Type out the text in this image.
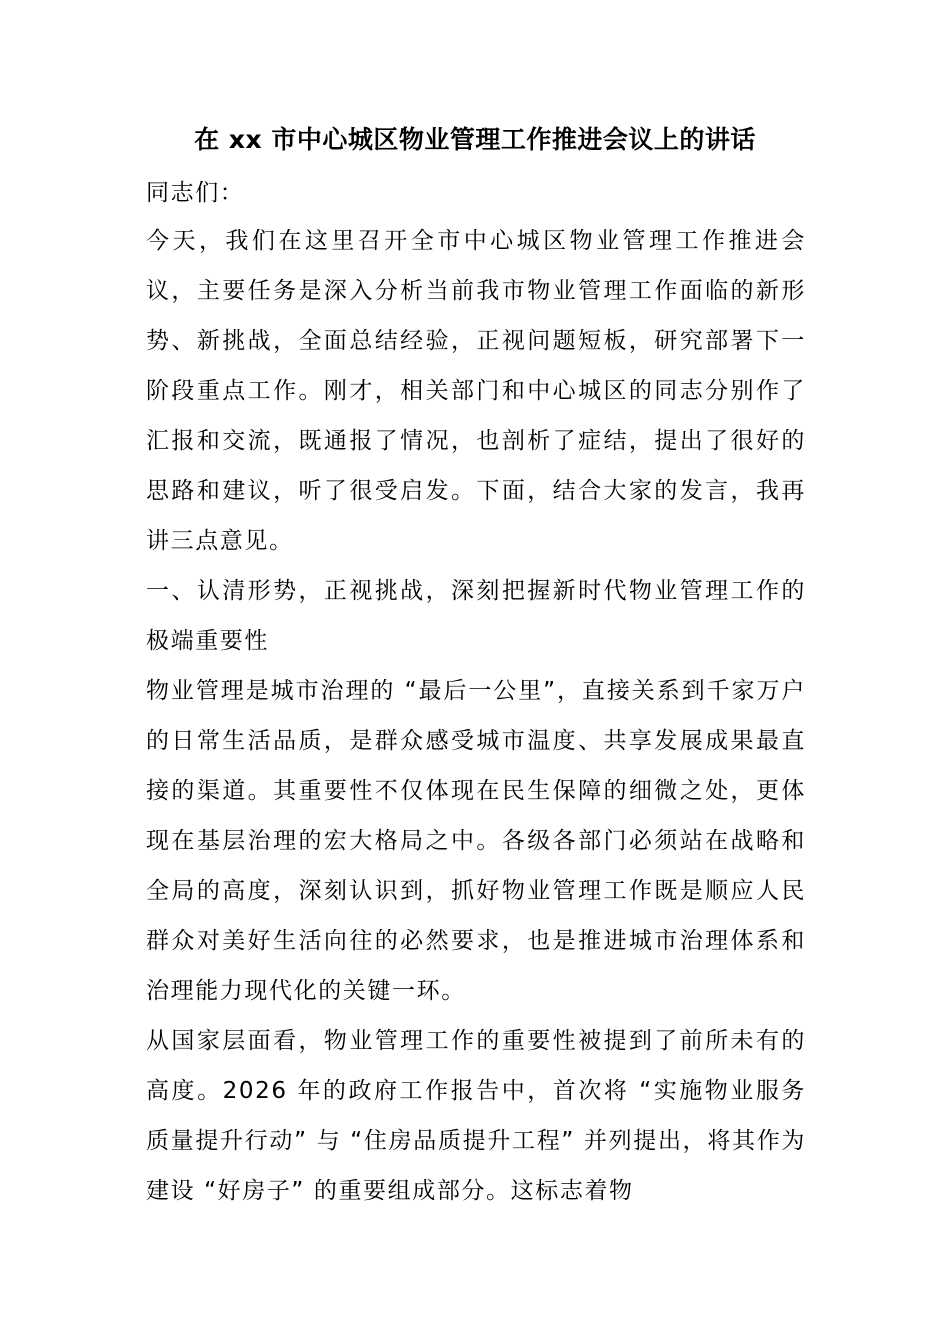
在 xx 市中心城区物业管理工作推进会议上的讲话

同志们：

今天，我们在这里召开全市中心城区物业管理工作推进会议，主要任务是深入分析当前我市物业管理工作面临的新形势、新挑战，全面总结经验，正视问题短板，研究部署下一阶段重点工作。刚才，相关部门和中心城区的同志分别作了汇报和交流，既通报了情况，也剖析了症结，提出了很好的思路和建议，听了很受启发。下面，结合大家的发言，我再讲三点意见。

一、认清形势，正视挑战，深刻把握新时代物业管理工作的极端重要性

物业管理是城市治理的 “最后一公里”，直接关系到千家万户的日常生活品质，是群众感受城市温度、共享发展成果最直接的渠道。其重要性不仅体现在民生保障的细微之处，更体现在基层治理的宏大格局之中。各级各部门必须站在战略和全局的高度，深刻认识到，抓好物业管理工作既是顺应人民群众对美好生活向往的必然要求，也是推进城市治理体系和治理能力现代化的关键一环。

从国家层面看，物业管理工作的重要性被提到了前所未有的高度。2026 年的政府工作报告中，首次将 “实施物业服务质量提升行动” 与 “住房品质提升工程” 并列提出，将其作为建设 “好房子” 的重要组成部分。这标志着物
